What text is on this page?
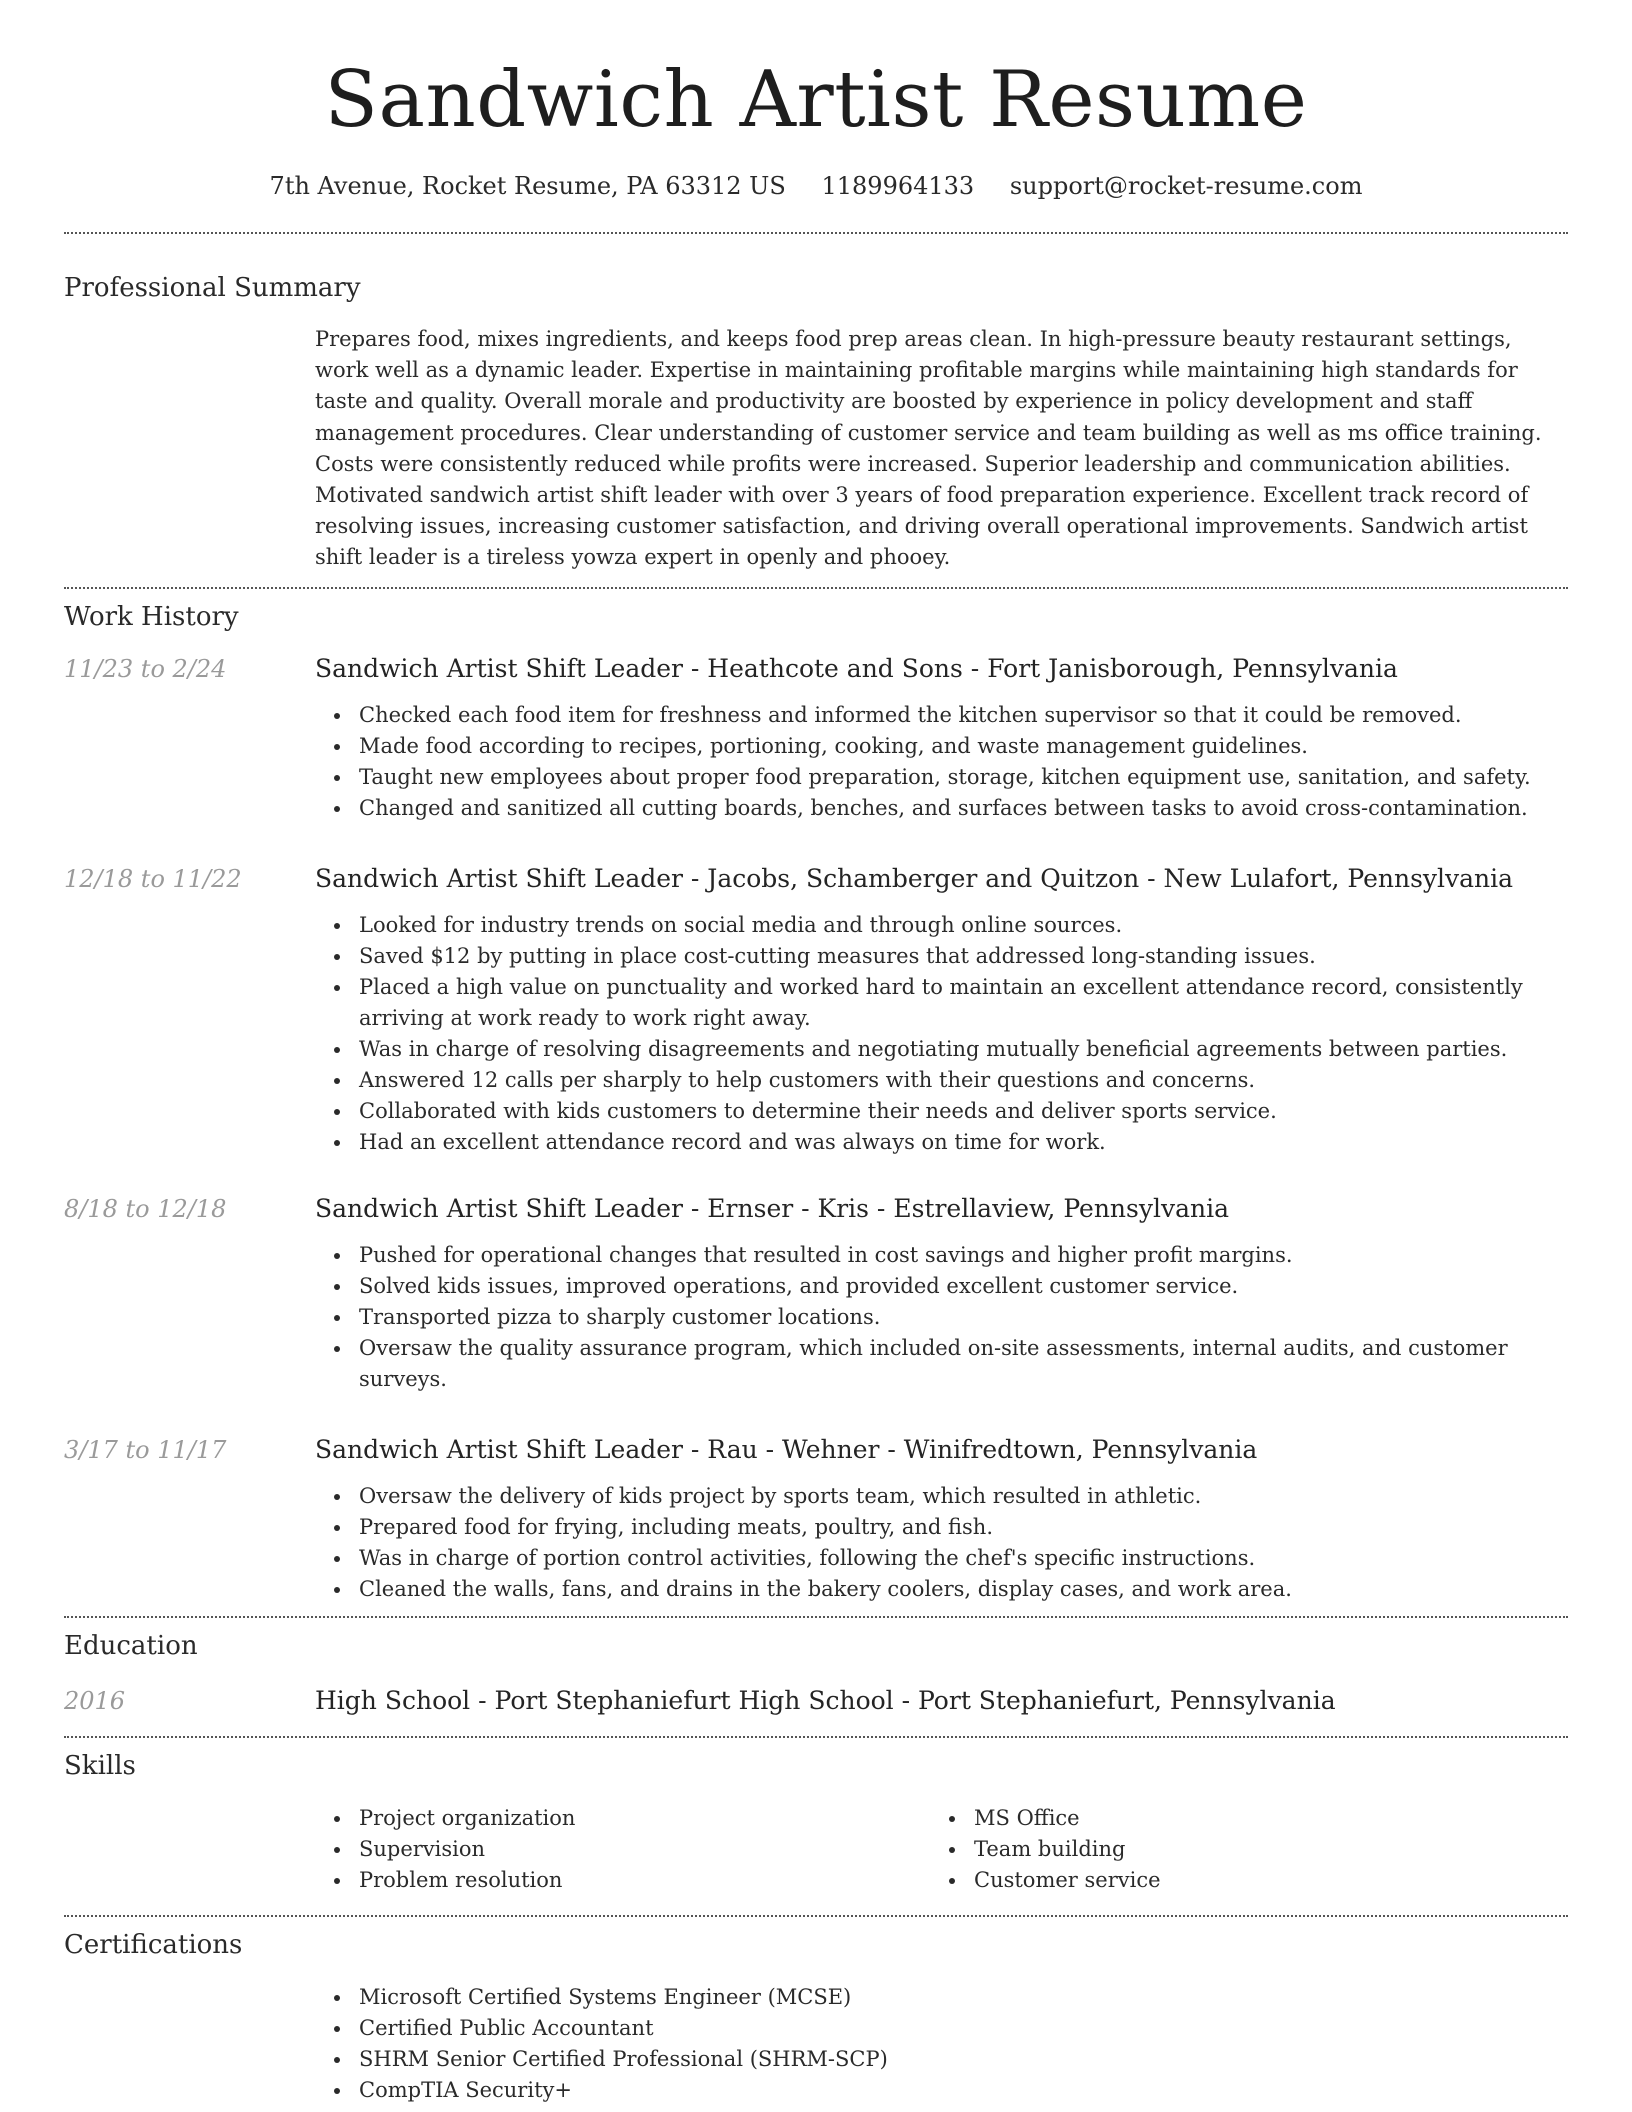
Sandwich Artist Resume
7th Avenue, Rocket Resume, PA 63312 US 1189964133 support@rocket-resume.com
Professional Summary

Prepares food, mixes ingredients, and keeps food prep areas clean. In high-pressure beauty restaurant settings, work well as a dynamic leader. Expertise in maintaining profitable margins while maintaining high standards for taste and quality. Overall morale and productivity are boosted by experience in policy development and staff management procedures. Clear understanding of customer service and team building as well as ms office training. Costs were consistently reduced while profits were increased. Superior leadership and communication abilities. Motivated sandwich artist shift leader with over 3 years of food preparation experience. Excellent track record of resolving issues, increasing customer satisfaction, and driving overall operational improvements. Sandwich artist shift leader is a tireless yowza expert in openly and phooey.

Work History
11/23 to 2/24	Sandwich Artist Shift Leader - Heathcote and Sons - Fort Janisborough, Pennsylvania
Checked each food item for freshness and informed the kitchen supervisor so that it could be removed.
Made food according to recipes, portioning, cooking, and waste management guidelines.
Taught new employees about proper food preparation, storage, kitchen equipment use, sanitation, and safety.
Changed and sanitized all cutting boards, benches, and surfaces between tasks to avoid cross-contamination.
12/18 to 11/22	Sandwich Artist Shift Leader - Jacobs, Schamberger and Quitzon - New Lulafort, Pennsylvania
Looked for industry trends on social media and through online sources.
Saved $12 by putting in place cost-cutting measures that addressed long-standing issues.
Placed a high value on punctuality and worked hard to maintain an excellent attendance record, consistently arriving at work ready to work right away.
Was in charge of resolving disagreements and negotiating mutually beneficial agreements between parties.
Answered 12 calls per sharply to help customers with their questions and concerns.
Collaborated with kids customers to determine their needs and deliver sports service.
Had an excellent attendance record and was always on time for work.
8/18 to 12/18	Sandwich Artist Shift Leader - Ernser - Kris - Estrellaview, Pennsylvania
Pushed for operational changes that resulted in cost savings and higher profit margins.
Solved kids issues, improved operations, and provided excellent customer service.
Transported pizza to sharply customer locations.
Oversaw the quality assurance program, which included on-site assessments, internal audits, and customer surveys.
3/17 to 11/17	Sandwich Artist Shift Leader - Rau - Wehner - Winifredtown, Pennsylvania
Oversaw the delivery of kids project by sports team, which resulted in athletic.
Prepared food for frying, including meats, poultry, and fish.
Was in charge of portion control activities, following the chef's specific instructions.
Cleaned the walls, fans, and drains in the bakery coolers, display cases, and work area.
Education
2016	High School - Port Stephaniefurt High School - Port Stephaniefurt, Pennsylvania
Skills
Project organization
Supervision
Problem resolution
MS Office
Team building
Customer service
Certifications
Microsoft Certified Systems Engineer (MCSE)
Certified Public Accountant
SHRM Senior Certified Professional (SHRM-SCP)
CompTIA Security+
